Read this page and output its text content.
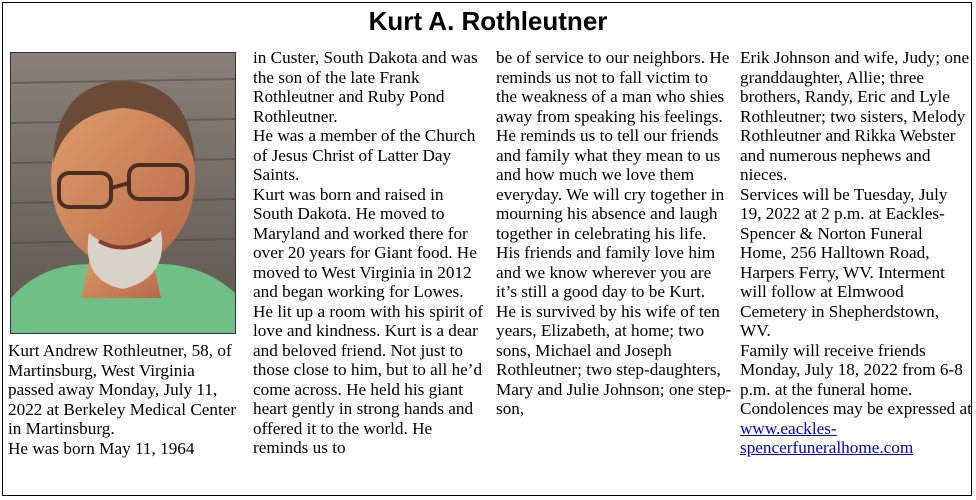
Kurt A. Rothleutner

Kurt Andrew Rothleutner, 58, of Martinsburg, West Virginia passed away Monday, July 11, 2022 at Berkeley Medical Center in Martinsburg.

He was born May 11, 1964

in Custer, South Dakota and was the son of the late Frank Rothleutner and Ruby Pond Rothleutner.

He was a member of the Church of Jesus Christ of Latter Day Saints.

Kurt was born and raised in South Dakota. He moved to Maryland and worked there for over 20 years for Giant food. He moved to West Virginia in 2012 and began working for Lowes. He lit up a room with his spirit of love and kindness. Kurt is a dear and beloved friend. Not just to those close to him, but to all he’d come across. He held his giant heart gently in strong hands and offered it to the world. He reminds us to

be of service to our neighbors. He reminds us not to fall victim to the weakness of a man who shies away from speaking his feelings. He reminds us to tell our friends and family what they mean to us and how much we love them everyday. We will cry together in mourning his absence and laugh together in celebrating his life. His friends and family love him and we know wherever you are it’s still a good day to be Kurt.

He is survived by his wife of ten years, Elizabeth, at home; two sons, Michael and Joseph Rothleutner; two step-daughters, Mary and Julie Johnson; one step-son,

Erik Johnson and wife, Judy; one granddaughter, Allie; three brothers, Randy, Eric and Lyle Rothleutner; two sisters, Melody Rothleutner and Rikka Webster and numerous nephews and nieces.

Services will be Tuesday, July 19, 2022 at 2 p.m. at Eackles-Spencer & Norton Funeral Home, 256 Halltown Road, Harpers Ferry, WV. Interment will follow at Elmwood Cemetery in Shepherdstown, WV.

Family will receive friends Monday, July 18, 2022 from 6-8 p.m. at the funeral home.

Condolences may be expressed at www.eackles-spencerfuneralhome.com
